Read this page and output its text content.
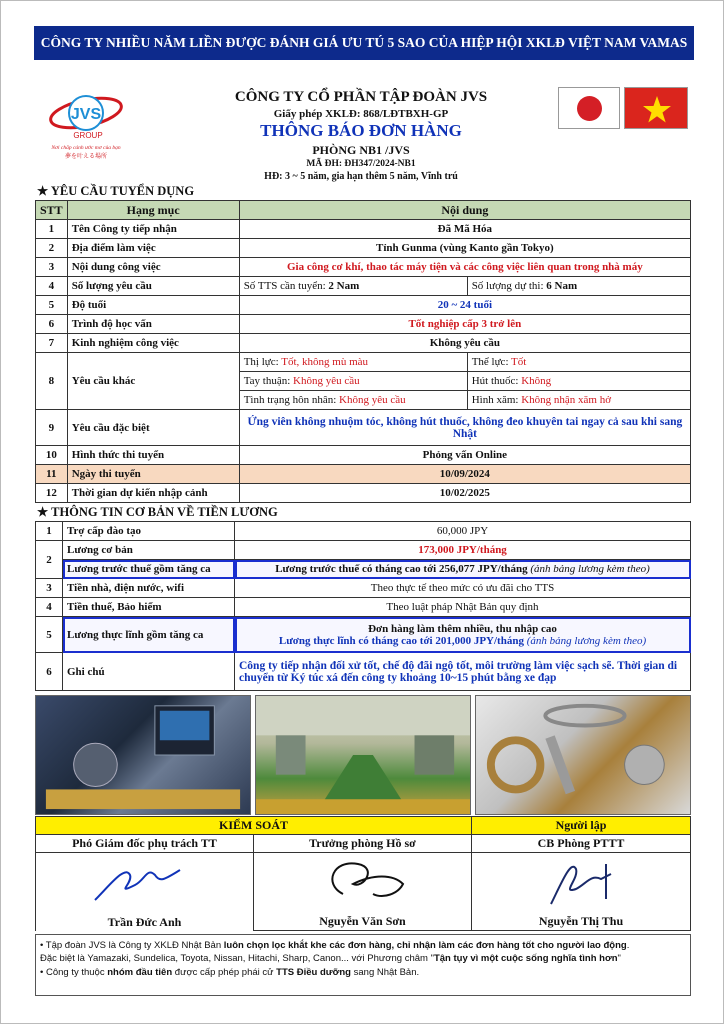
CÔNG TY NHIỀU NĂM LIỀN ĐƯỢC ĐÁNH GIÁ ƯU TÚ 5 SAO CỦA HIỆP HỘI XKLĐ VIỆT NAM VAMAS
JVS
GROUP
Nơi chắp cánh ước mơ của bạn
夢を叶える場所
CÔNG TY CỔ PHẦN TẬP ĐOÀN JVS
Giấy phép XKLĐ: 868/LĐTBXH-GP
THÔNG BÁO ĐƠN HÀNG
PHÒNG NB1 /JVS
MÃ ĐH: ĐH347/2024-NB1
HĐ: 3 ~ 5 năm, gia hạn thêm 5 năm, Vĩnh trú
★ YÊU CẦU TUYỂN DỤNG
STT	Hạng mục	Nội dung	
1	Tên Công ty tiếp nhận	Đã Mã Hóa	
2	Địa điểm làm việc	Tỉnh Gunma (vùng Kanto gần Tokyo)	
3	Nội dung công việc	Gia công cơ khí, thao tác máy tiện và các công việc liên quan trong nhà máy	
4	Số lượng yêu cầu	Số TTS cần tuyển: 2 Nam	Số lượng dự thi: 6 Nam
5	Độ tuổi	20 ~ 24 tuổi	
6	Trình độ học vấn	Tốt nghiệp cấp 3 trở lên	
7	Kinh nghiệm công việc	Không yêu cầu	
8	Yêu cầu khác	Thị lực: Tốt, không mù màu	Thể lực: Tốt
		Tay thuận: Không yêu cầu	Hút thuốc: Không
		Tình trạng hôn nhân: Không yêu cầu	Hình xăm: Không nhận xăm hở
9	Yêu cầu đặc biệt	Ứng viên không nhuộm tóc, không hút thuốc, không đeo khuyên tai ngay cả sau khi sang Nhật	
10	Hình thức thi tuyển	Phỏng vấn Online	
11	Ngày thi tuyển	10/09/2024	
12	Thời gian dự kiến nhập cảnh	10/02/2025	
★ THÔNG TIN CƠ BẢN VỀ TIỀN LƯƠNG
1	Trợ cấp đào tạo	60,000 JPY
2	Lương cơ bản	173,000 JPY/tháng
	Lương trước thuế gồm tăng ca	Lương trước thuế có tháng cao tới 256,077 JPY/tháng (ảnh bảng lương kèm theo)
3	Tiền nhà, điện nước, wifi	Theo thực tế theo mức có ưu đãi cho TTS
4	Tiền thuế, Bảo hiểm	Theo luật pháp Nhật Bản quy định
5	Lương thực lĩnh gồm tăng ca	Đơn hàng làm thêm nhiều, thu nhập cao
Lương thực lĩnh có tháng cao tới 201,000 JPY/tháng (ảnh bảng lương kèm theo)

6	Ghi chú	Công ty tiếp nhận đối xử tốt, chế độ đãi ngộ tốt, môi trường làm việc sạch sẽ. Thời gian di chuyển từ Ký túc xá đến công ty khoảng 10~15 phút bằng xe đạp
KIỂM SOÁT		Người lập
Phó Giám đốc phụ trách TT	Trưởng phòng Hồ sơ	CB Phòng PTTT

Trần Đức Anh	Nguyễn Văn Sơn	Nguyễn Thị Thu
• Tập đoàn JVS là Công ty XKLĐ Nhật Bản luôn chọn lọc khắt khe các đơn hàng, chỉ nhận làm các đơn hàng tốt cho người lao động.
Đặc biệt là Yamazaki, Sundelica, Toyota, Nissan, Hitachi, Sharp, Canon... với Phương châm "Tận tụy vì một cuộc sống nghĩa tình hơn"
• Công ty thuộc nhóm đầu tiên được cấp phép phái cử TTS Điều dưỡng sang Nhật Bản.
